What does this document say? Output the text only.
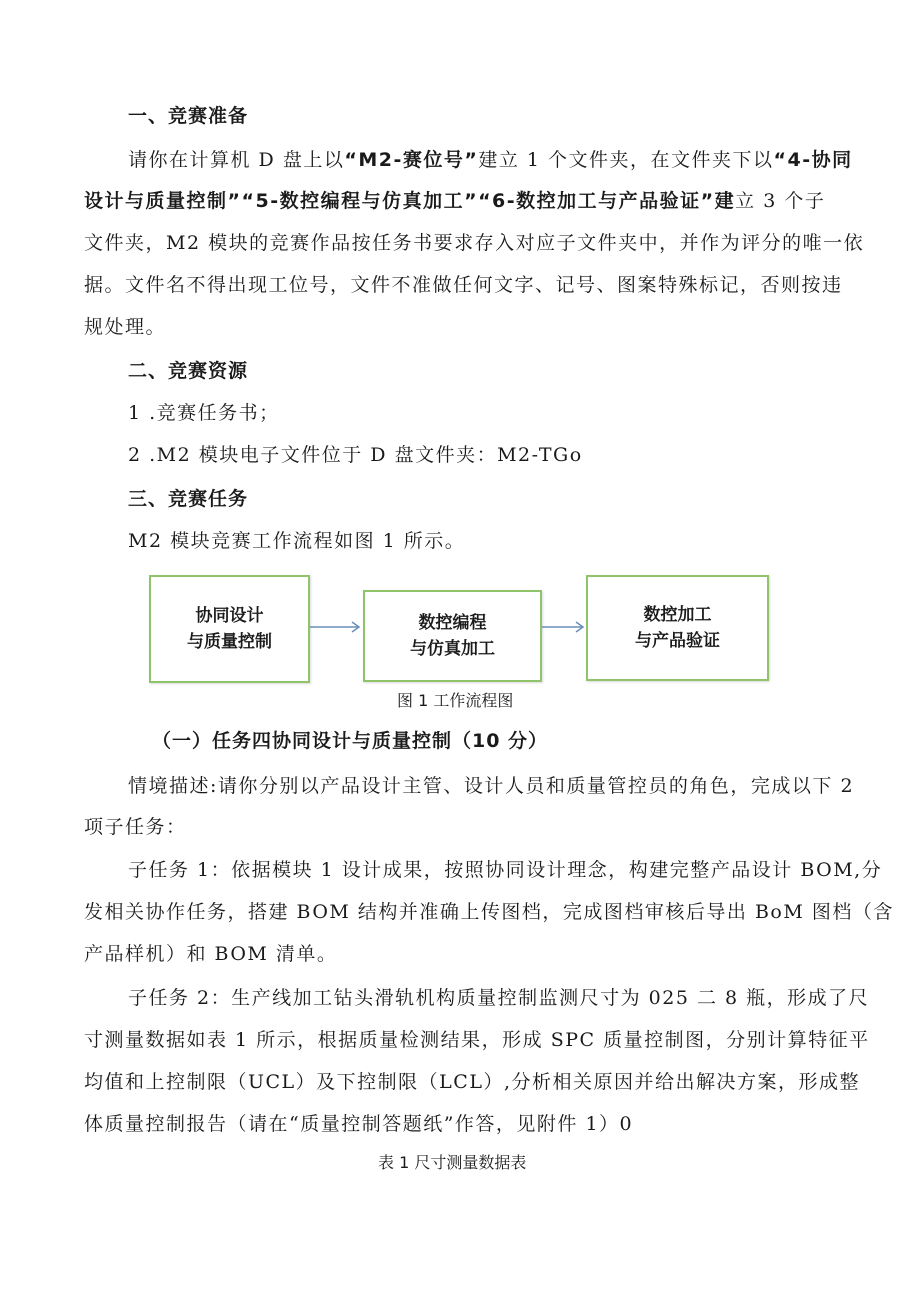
一、竞赛准备
请你在计算机 D 盘上以“M2-赛位号”建立 1 个文件夹，在文件夹下以“4-协同
设计与质量控制”“5-数控编程与仿真加工”“6-数控加工与产品验证”建立 3 个子
文件夹，M2 模块的竞赛作品按任务书要求存入对应子文件夹中，并作为评分的唯一依
据。文件名不得出现工位号，文件不准做任何文字、记号、图案特殊标记，否则按违
规处理。
二、竞赛资源
1 .竞赛任务书；
2 .M2 模块电子文件位于 D 盘文件夹：M2-TGo
三、竞赛任务
M2 模块竞赛工作流程如图 1 所示。
协同设计
与质量控制
数控编程
与仿真加工
数控加工
与产品验证
图 1 工作流程图
（一）任务四协同设计与质量控制（10 分）
情境描述:请你分别以产品设计主管、设计人员和质量管控员的角色，完成以下 2
项子任务：
子任务 1：依据模块 1 设计成果，按照协同设计理念，构建完整产品设计 BOM,分
发相关协作任务，搭建 BOM 结构并准确上传图档，完成图档审核后导出 BoM 图档（含
产品样机）和 BOM 清单。
子任务 2：生产线加工钻头滑轨机构质量控制监测尺寸为 025 二 8 瓶，形成了尺
寸测量数据如表 1 所示，根据质量检测结果，形成 SPC 质量控制图，分别计算特征平
均值和上控制限（UCL）及下控制限（LCL）,分析相关原因并给出解决方案，形成整
体质量控制报告（请在“质量控制答题纸”作答，见附件 1）0
表 1 尺寸测量数据表
